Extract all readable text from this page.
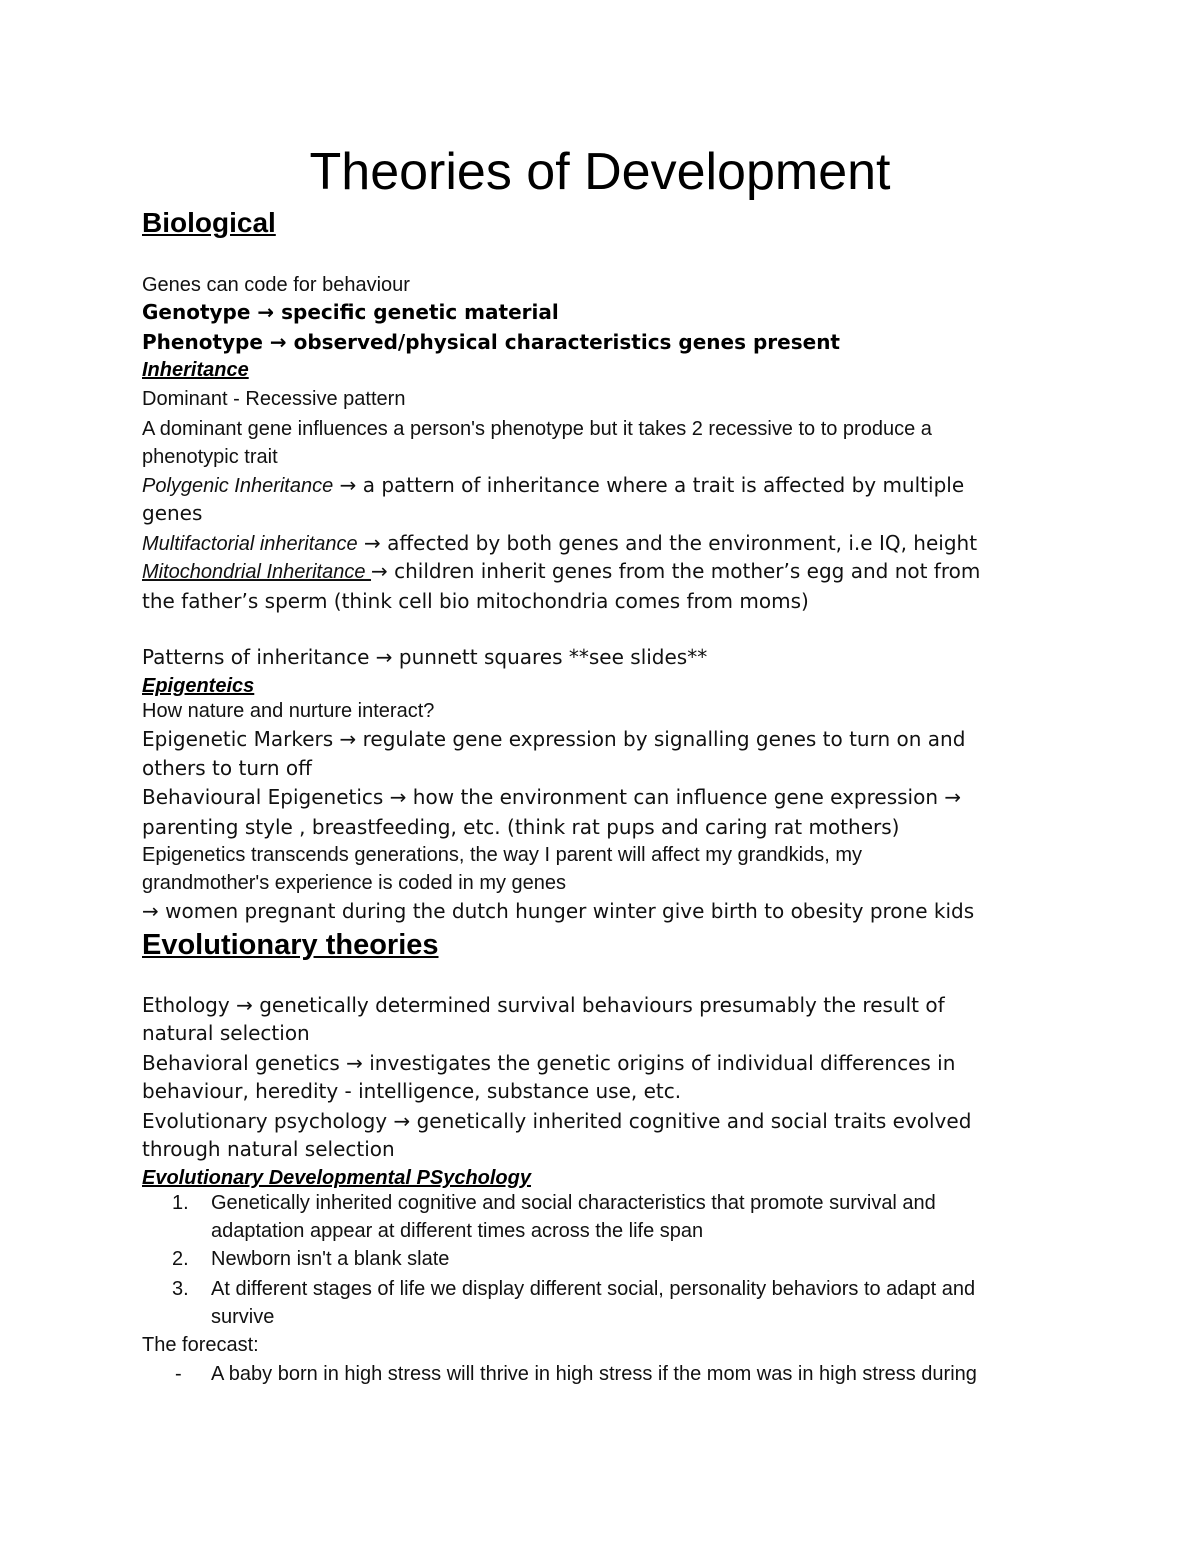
Theories of Development
Biological
Genes can code for behaviour
Genotype → specific genetic material
Phenotype → observed/physical characteristics genes present
Inheritance
Dominant - Recessive pattern
A dominant gene influences a person's phenotype but it takes 2 recessive to to produce a
phenotypic trait
Polygenic Inheritance → a pattern of inheritance where a trait is affected by multiple
genes
Multifactorial inheritance → affected by both genes and the environment, i.e IQ, height
Mitochondrial Inheritance → children inherit genes from the mother’s egg and not from
the father’s sperm (think cell bio mitochondria comes from moms)
Patterns of inheritance → punnett squares **see slides**
Epigenteics
How nature and nurture interact?
Epigenetic Markers → regulate gene expression by signalling genes to turn on and
others to turn off
Behavioural Epigenetics → how the environment can influence gene expression →
parenting style , breastfeeding, etc. (think rat pups and caring rat mothers)
Epigenetics transcends generations, the way I parent will affect my grandkids, my
grandmother's experience is coded in my genes
→ women pregnant during the dutch hunger winter give birth to obesity prone kids
Evolutionary theories
Ethology → genetically determined survival behaviours presumably the result of
natural selection
Behavioral genetics → investigates the genetic origins of individual differences in
behaviour, heredity - intelligence, substance use, etc.
Evolutionary psychology → genetically inherited cognitive and social traits evolved
through natural selection
Evolutionary Developmental PSychology
1. Genetically inherited cognitive and social characteristics that promote survival and
adaptation appear at different times across the life span
2. Newborn isn't a blank slate
3. At different stages of life we display different social, personality behaviors to adapt and
survive
The forecast:
- A baby born in high stress will thrive in high stress if the mom was in high stress during
